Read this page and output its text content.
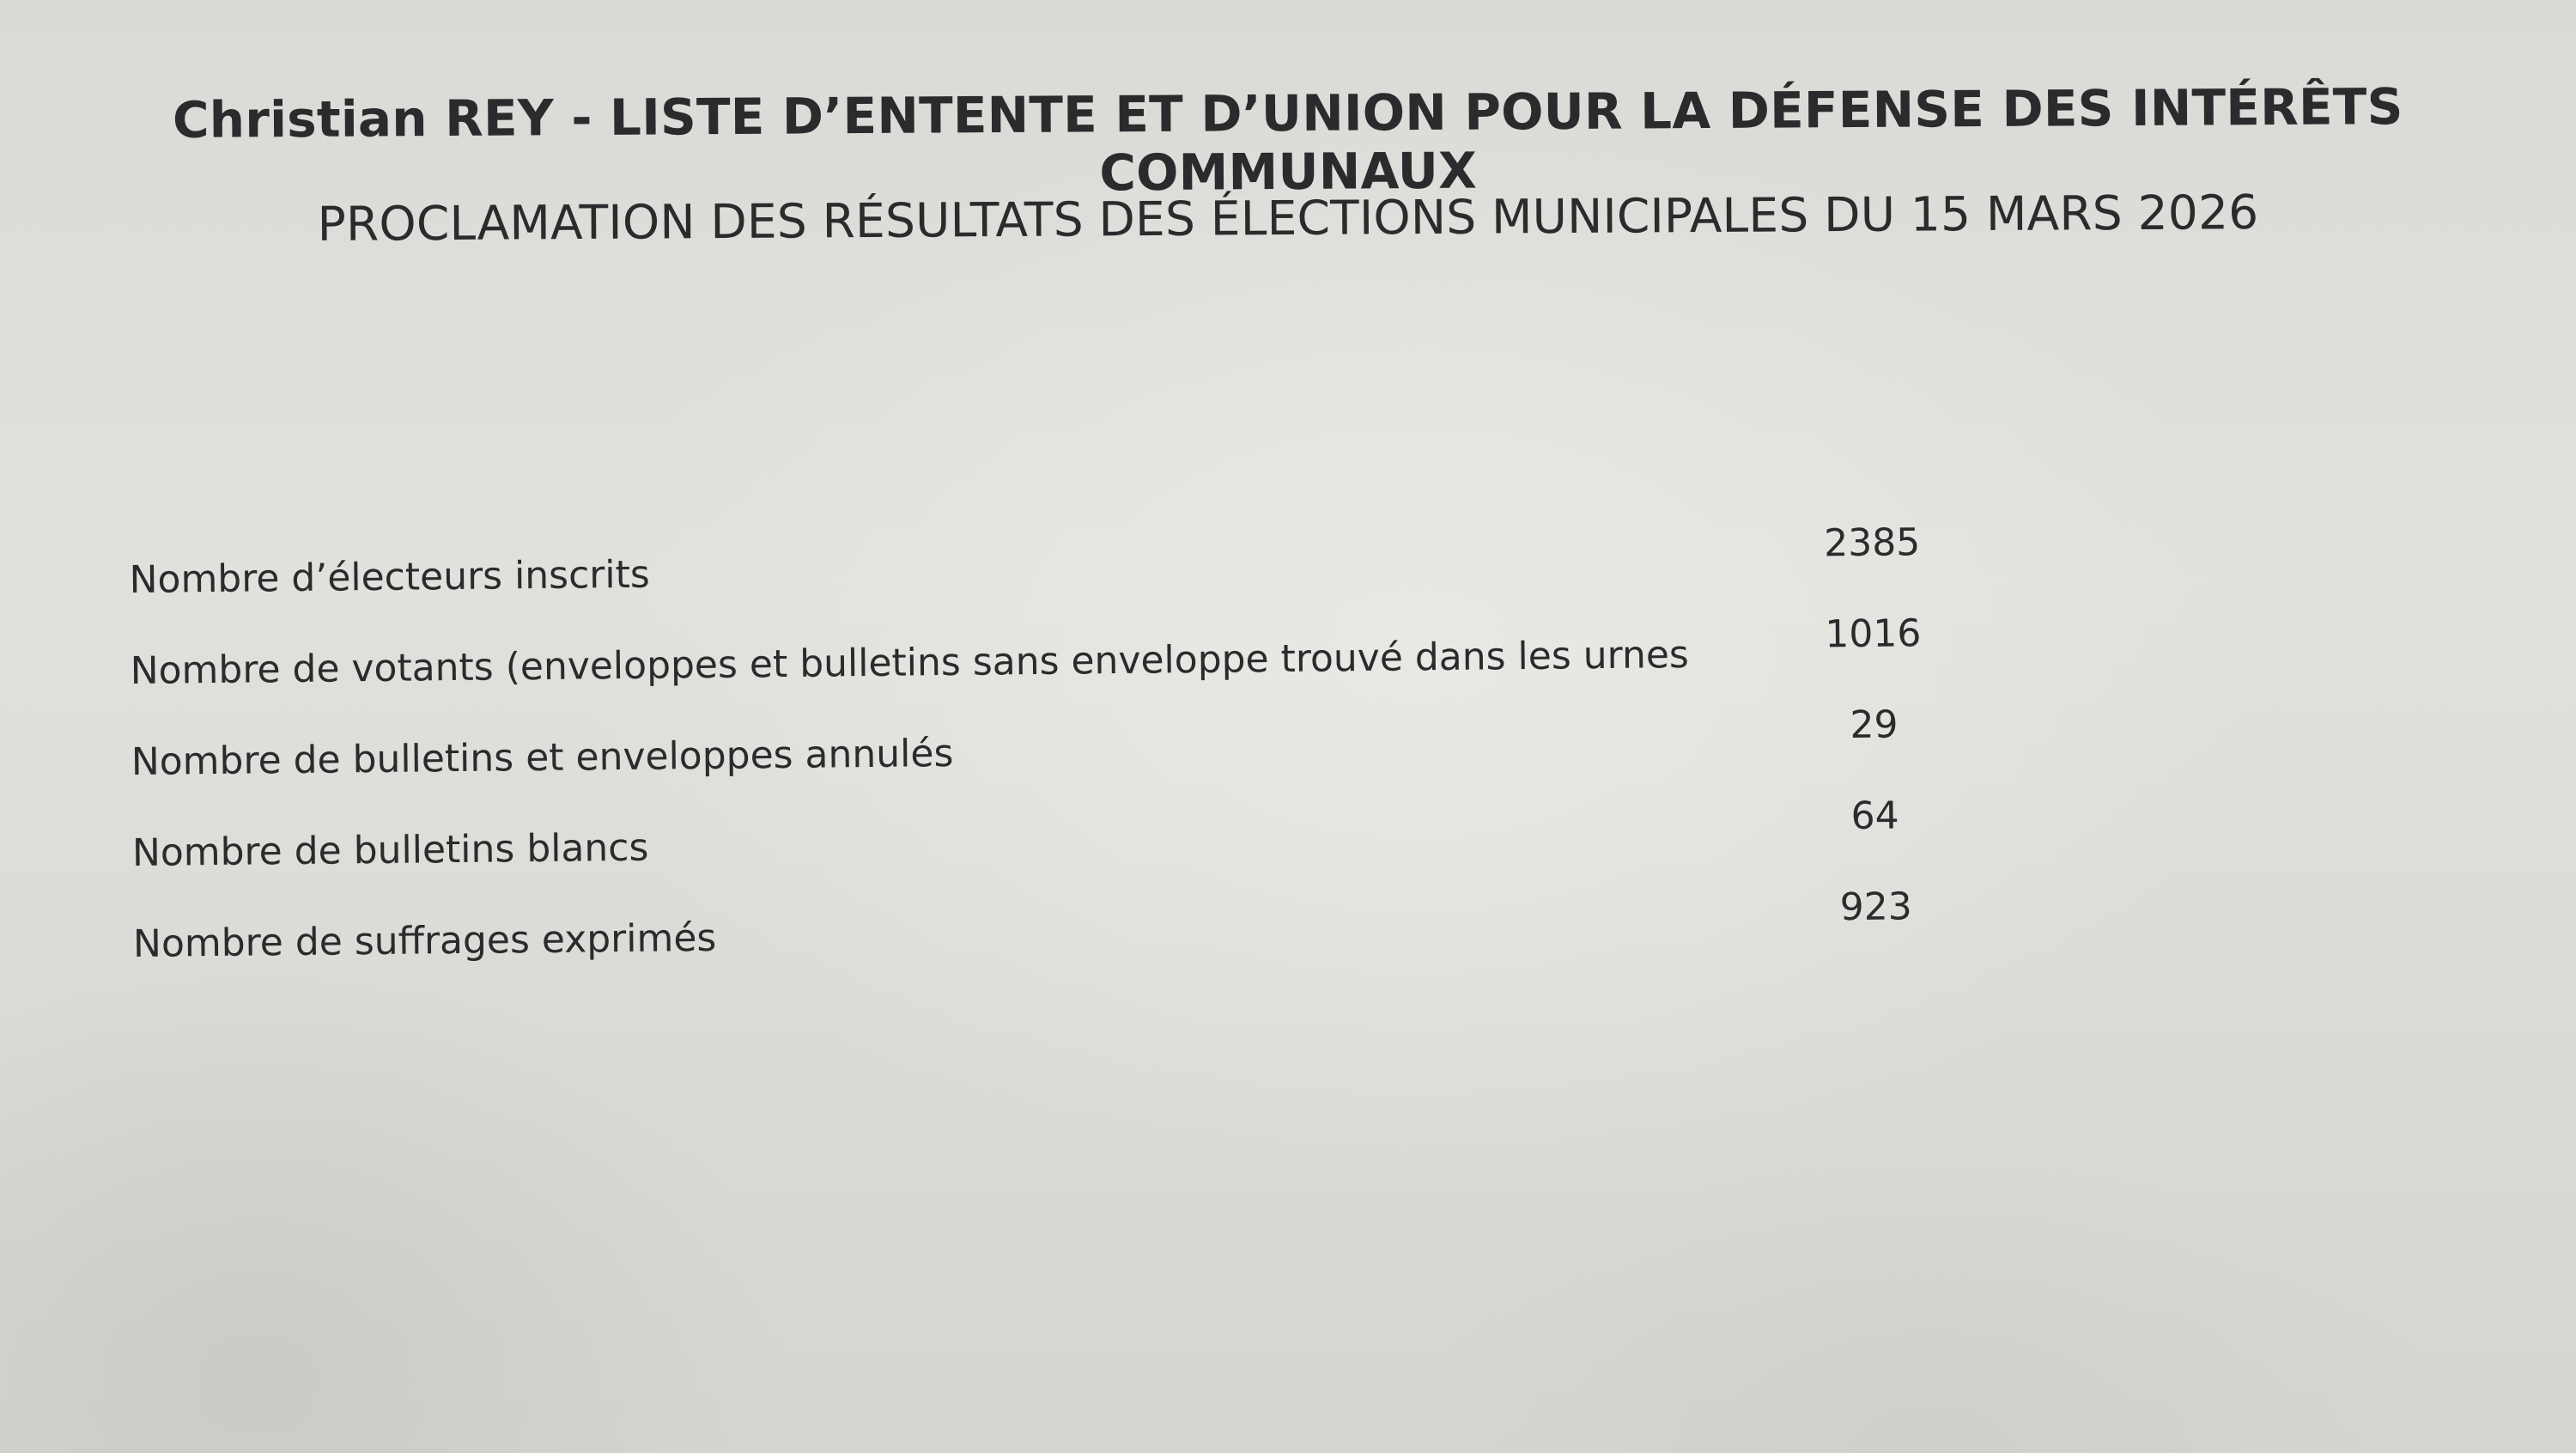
Christian REY - LISTE D’ENTENTE ET D’UNION POUR LA DÉFENSE DES INTÉRÊTS COMMUNAUX
PROCLAMATION DES RÉSULTATS DES ÉLECTIONS MUNICIPALES DU 15 MARS 2026
Nombre d’électeurs inscrits
2385
Nombre de votants (enveloppes et bulletins sans enveloppe trouvé dans les urnes	1016
Nombre de bulletins et enveloppes annulés
29
Nombre de bulletins blancs
64
Nombre de suffrages exprimés
923
